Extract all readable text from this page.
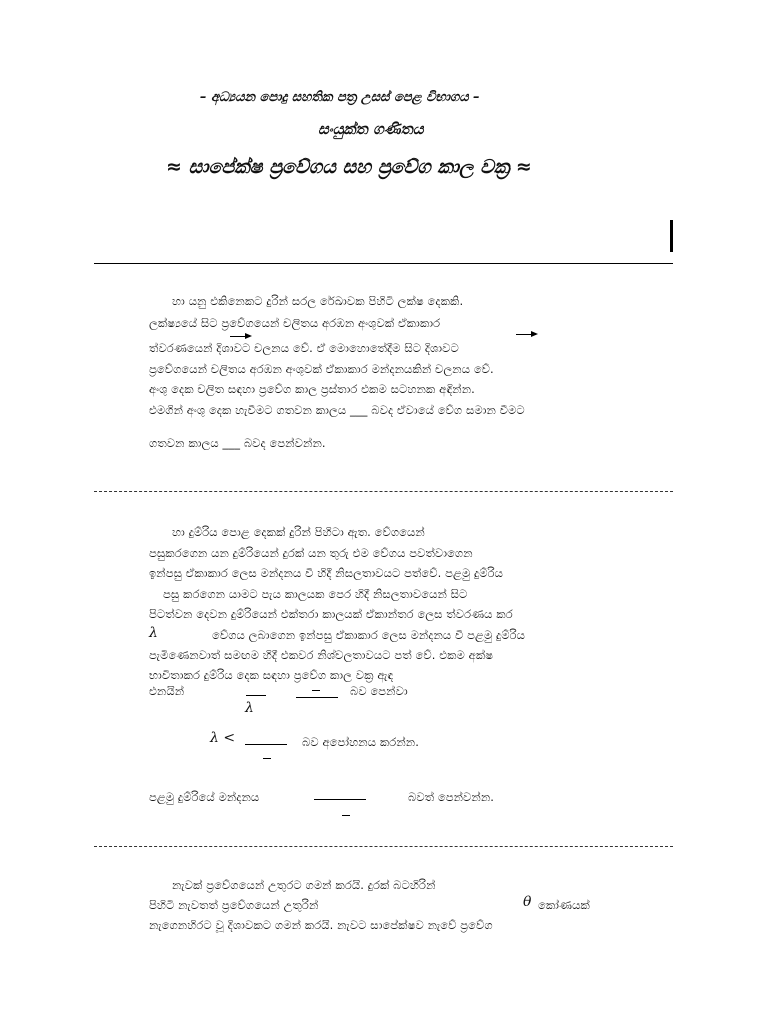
– අධ්‍යයන පොදු සහතික පත්‍ර උසස් පෙළ විභාගය –
සංයුක්ත ගණිතය
≈ සාපේක්ෂ ප්‍රවේගය සහ ප්‍රවේග කාල වක්‍ර ≈
හා යනු එකිනෙකට දුරින් සරල රේඛාවක පිහිටි ලක්ෂ දෙකකි.
ලක්ෂ්‍යයේ සිට ප්‍රවේගයෙන් චලිතය අරඹන අංශුවක් ඒකාකාර
ත්වරණයෙන් දිශාවට චලනය වේ. ඒ මොහොතේදීම සිට දිශාවට
ප්‍රවේගයෙන් චලිතය අරඹන අංශුවක් ඒකාකාර මන්දනයකින් චලනය වේ.
අංශු දෙක චලිත සඳහා ප්‍රවේග කාල ප්‍රස්තාර එකම සටහනක අඳින්න.
එමගින් අංශු දෙක හැවීමට ගතවන කාලය ___ බවද ඒවායේ වේග සමාන වීමට
ගතවන කාලය ___ බවද පෙන්වන්න.
හා දුම්රිය පොළ දෙකක් දුරින් පිහිටා ඇත. වේගයෙන්
පසුකරගෙන යන දුම්රියෙන් දුරක් යන තුරු එම වේගය පවත්වාගෙන
ඉන්පසු ඒකාකාර ලෙස මන්දනය වී හිදී නිසලතාවයට පත්වේ. පළමු දුම්රිය
පසු කරගෙන යාමට පැය කාලයක පෙර හිදී නිසලතාවයෙන් සිට
පිටත්වන දෙවන දුම්රියෙන් එක්තරා කාලයක් ඒකාන්තර ලෙස ත්වරණය කර
λ	වේගය ලබාගෙන ඉන්පසු ඒකාකාර ලෙස මන්දනය වී පළමු දුම්රිය
පැමිණෙනවාත් සමඟම හිදී එකවර නිශ්චලතාවයට පත් වේ. එකම අක්ෂ
භාවිතාකර දුම්රිය දෙක සඳහා ප්‍රවේග කාල වක්‍ර ඇඳ
එනයින්	බව පෙන්වා
λ
λ <	බව අපෝහනය කරන්න.
පළමු දුම්රියේ මන්දනය	බවත් පෙන්වන්න.
නැවක් ප්‍රවේගයෙන් උතුරට ගමන් කරයි. දුරක් බටහිරින්
පිහිටි නැවතත් ප්‍රවේගයෙන් උතුරින්	θ කෝණයක්
නැගෙනහිරට වූ දිශාවකට ගමන් කරයි. නැවට සාපේක්ෂව නැවේ ප්‍රවේග
